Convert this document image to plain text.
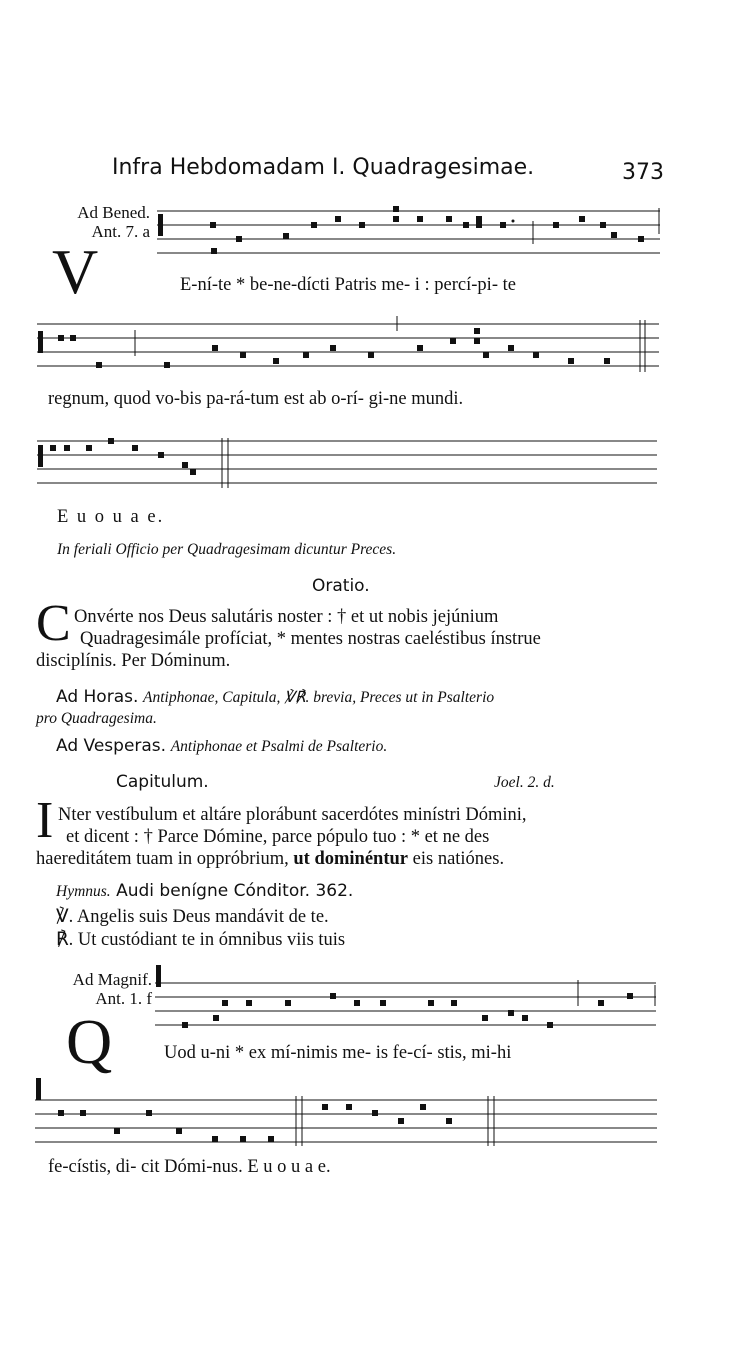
Infra Hebdomadam I. Quadragesimae.	373
Ad Bened.
Ant. 7. a
V	E-ní-te * be-ne-dícti Patris me- i : percí-pi- te
regnum, quod vo-bis pa-rá-tum est ab o-rí- gi-ne mundi.
E u o u a e.
In feriali Officio per Quadragesimam dicuntur Preces.
Oratio.
C Onvérte nos Deus salutáris noster : † et ut nobis jejúnium
Quadragesimále profíciat, * mentes nostras caeléstibus ínstrue
disciplínis. Per Dóminum.
Ad Horas. Antiphonae, Capitula, ℣℟. brevia, Preces ut in Psalterio
pro Quadragesima.
Ad Vesperas. Antiphonae et Psalmi de Psalterio.
Capitulum.	Joel. 2. d.
I Nter vestíbulum et altáre plorábunt sacerdótes minístri Dómini,
et dicent : † Parce Dómine, parce pópulo tuo : * et ne des
haereditátem tuam in oppróbrium, ut dominéntur eis natiónes.
Hymnus. Audi benígne Cónditor. 362.
℣. Angelis suis Deus mandávit de te.
℟. Ut custódiant te in ómnibus viis tuis
Ad Magnif.
Ant. 1. f
Q	Uod u-ni * ex mí-nimis me- is fe-cí- stis, mi-hi
fe-cístis, di- cit Dómi-nus. E u o u a e.
